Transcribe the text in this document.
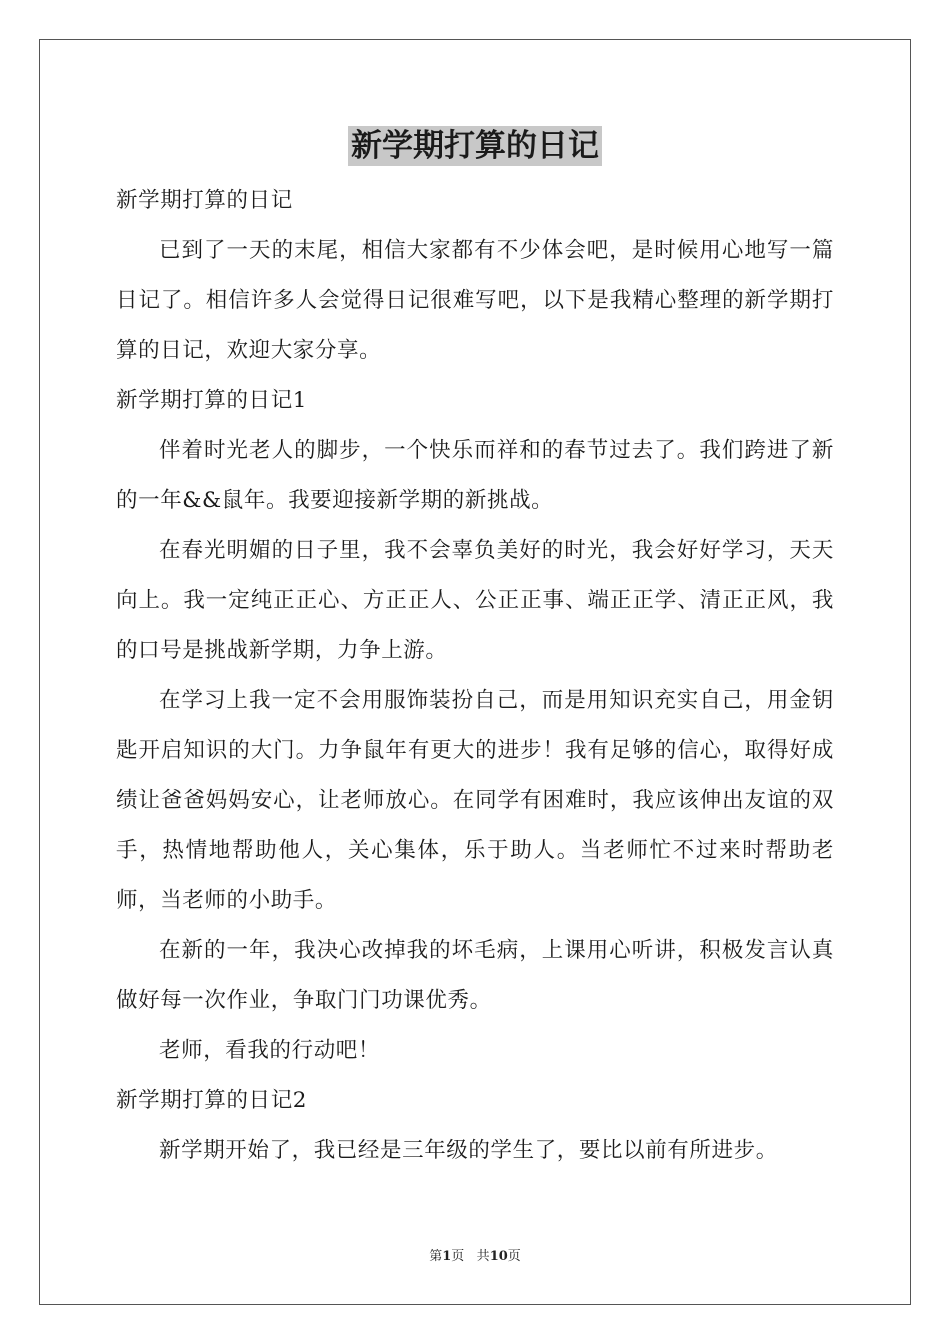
新学期打算的日记

新学期打算的日记

已到了一天的末尾，相信大家都有不少体会吧，是时候用心地写一篇日记了。相信许多人会觉得日记很难写吧，以下是我精心整理的新学期打算的日记，欢迎大家分享。

新学期打算的日记1

伴着时光老人的脚步，一个快乐而祥和的春节过去了。我们跨进了新的一年&&鼠年。我要迎接新学期的新挑战。

在春光明媚的日子里，我不会辜负美好的时光，我会好好学习，天天向上。我一定纯正正心、方正正人、公正正事、端正正学、清正正风，我的口号是挑战新学期，力争上游。

在学习上我一定不会用服饰装扮自己，而是用知识充实自己，用金钥匙开启知识的大门。力争鼠年有更大的进步！我有足够的信心，取得好成绩让爸爸妈妈安心，让老师放心。在同学有困难时，我应该伸出友谊的双手，热情地帮助他人，关心集体，乐于助人。当老师忙不过来时帮助老师，当老师的小助手。

在新的一年，我决心改掉我的坏毛病，上课用心听讲，积极发言认真做好每一次作业，争取门门功课优秀。

老师，看我的行动吧！

新学期打算的日记2

新学期开始了，我已经是三年级的学生了，要比以前有所进步。

第1页 共10页
